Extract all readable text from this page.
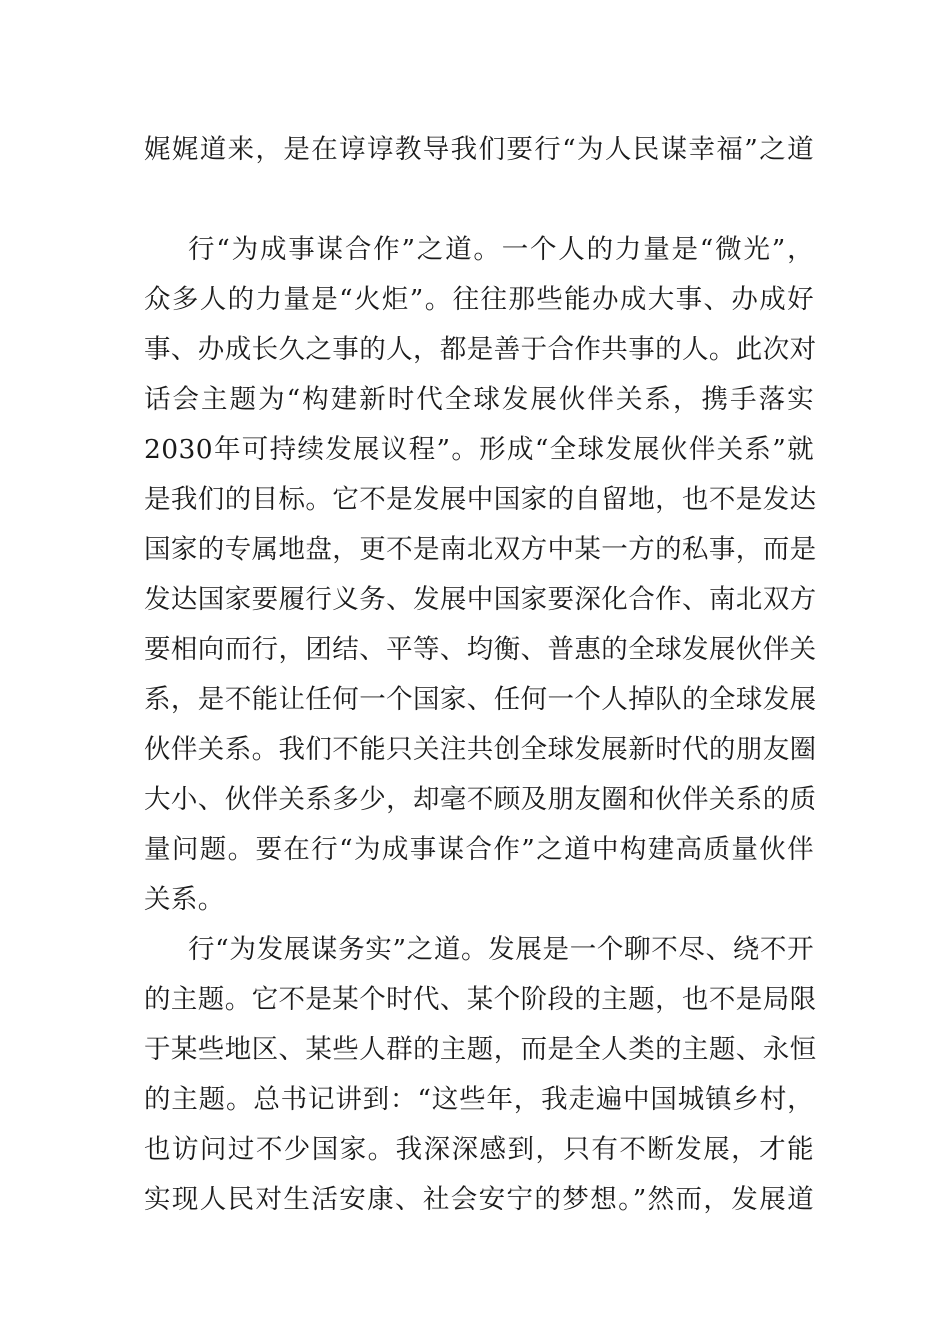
娓娓道来，是在谆谆教导我们要行“为人民谋幸福”之道
行“为成事谋合作”之道。一个人的力量是“微光”，
众多人的力量是“火炬”。往往那些能办成大事、办成好
事、办成长久之事的人，都是善于合作共事的人。此次对
话会主题为“构建新时代全球发展伙伴关系，携手落实
2030年可持续发展议程”。形成“全球发展伙伴关系”就
是我们的目标。它不是发展中国家的自留地，也不是发达
国家的专属地盘，更不是南北双方中某一方的私事，而是
发达国家要履行义务、发展中国家要深化合作、南北双方
要相向而行，团结、平等、均衡、普惠的全球发展伙伴关
系，是不能让任何一个国家、任何一个人掉队的全球发展
伙伴关系。我们不能只关注共创全球发展新时代的朋友圈
大小、伙伴关系多少，却毫不顾及朋友圈和伙伴关系的质
量问题。要在行“为成事谋合作”之道中构建高质量伙伴
关系。
行“为发展谋务实”之道。发展是一个聊不尽、绕不开
的主题。它不是某个时代、某个阶段的主题，也不是局限
于某些地区、某些人群的主题，而是全人类的主题、永恒
的主题。总书记讲到：“这些年，我走遍中国城镇乡村，
也访问过不少国家。我深深感到，只有不断发展，才能
实现人民对生活安康、社会安宁的梦想。”然而，发展道
